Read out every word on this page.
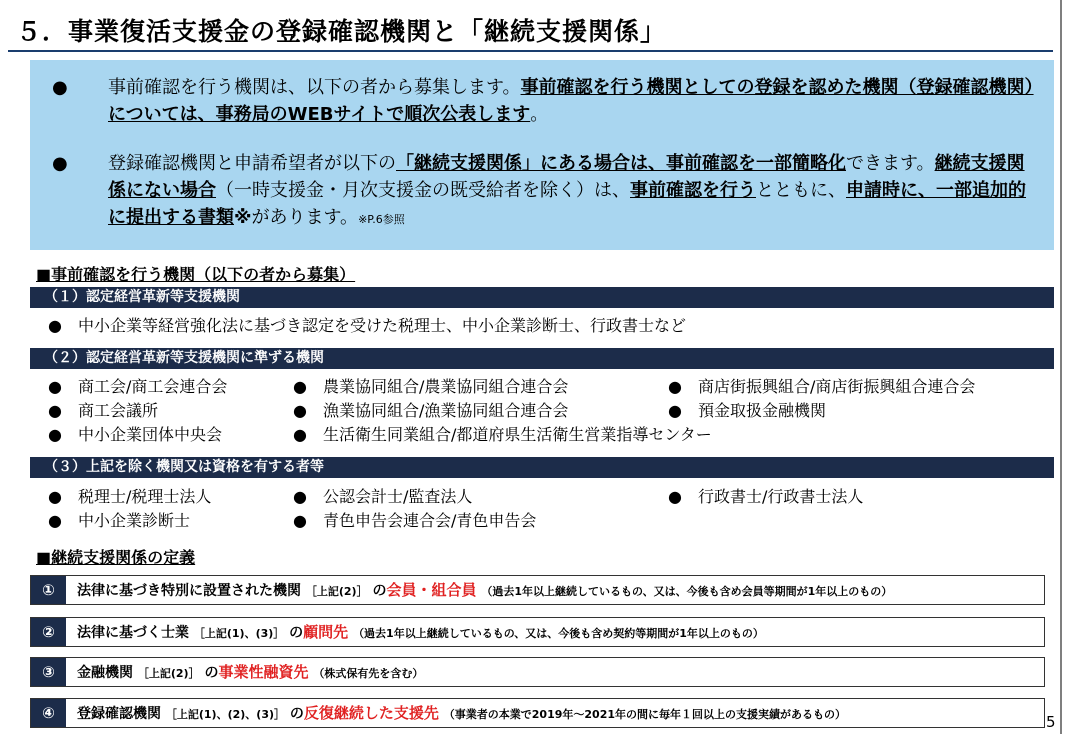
５．事業復活支援金の登録確認機関と「継続支援関係」
● 事前確認を行う機関は、以下の者から募集します。事前確認を行う機関としての登録を認めた機関（登録確認機関）については、事務局のWEBサイトで順次公表します。
● 登録確認機関と申請希望者が以下の「継続支援関係」にある場合は、事前確認を一部簡略化できます。継続支援関係にない場合（一時支援金・月次支援金の既受給者を除く）は、事前確認を行うとともに、申請時に、一部追加的に提出する書類※があります。※P.6参照
■事前確認を行う機関（以下の者から募集）
（１）認定経営革新等支援機関
● 中小企業等経営強化法に基づき認定を受けた税理士、中小企業診断士、行政書士など
（２）認定経営革新等支援機関に準ずる機関
● 商工会/商工会連合会	● 農業協同組合/農業協同組合連合会	● 商店街振興組合/商店街振興組合連合会
● 商工会議所	● 漁業協同組合/漁業協同組合連合会	● 預金取扱金融機関
● 中小企業団体中央会	● 生活衛生同業組合/都道府県生活衛生営業指導センター
（３）上記を除く機関又は資格を有する者等
● 税理士/税理士法人	● 公認会計士/監査法人	● 行政書士/行政書士法人
● 中小企業診断士	● 青色申告会連合会/青色申告会
■継続支援関係の定義
①	法律に基づき特別に設置された機関 ［上記(2)］ の会員・組合員 （過去1年以上継続しているもの、又は、今後も含め会員等期間が1年以上のもの）
②	法律に基づく士業 ［上記(1)、(3)］ の顧問先 （過去1年以上継続しているもの、又は、今後も含め契約等期間が1年以上のもの）
③	金融機関 ［上記(2)］ の事業性融資先 （株式保有先を含む）
④	登録確認機関 ［上記(1)、(2)、(3)］ の反復継続した支援先 （事業者の本業で2019年～2021年の間に毎年１回以上の支援実績があるもの）	5
